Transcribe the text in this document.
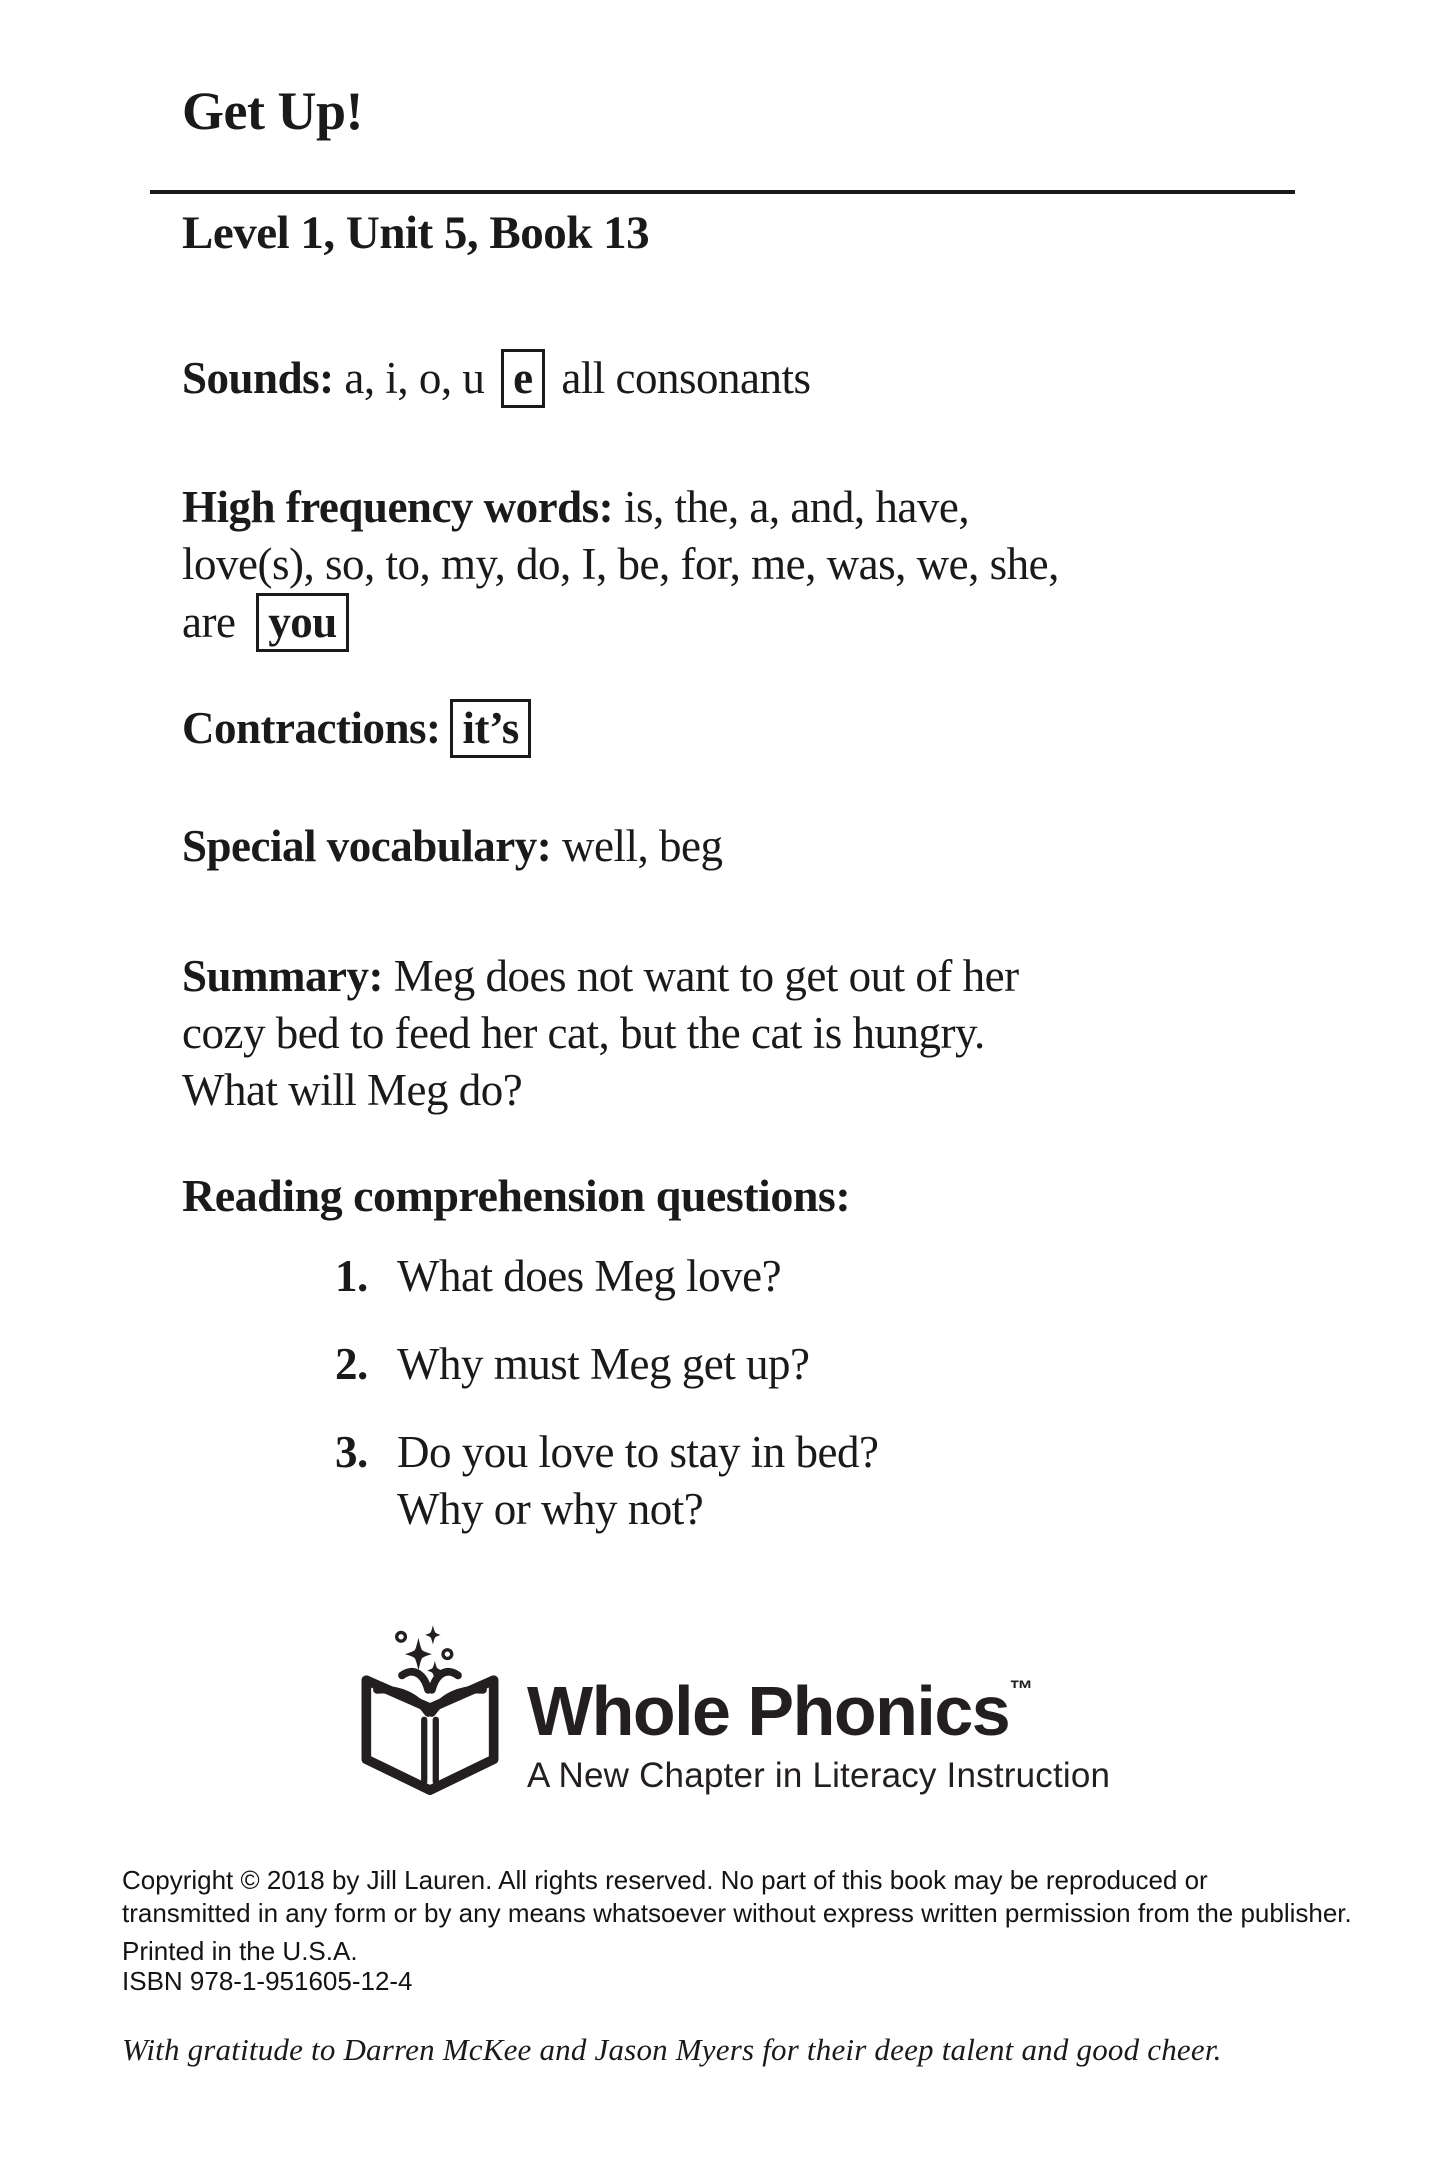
Get Up!
Level 1, Unit 5, Book 13
Sounds: a, i, o, u e all consonants
High frequency words: is, the, a, and, have,
love(s), so, to, my, do, I, be, for, me, was, we, she,
are you
Contractions: it’s
Special vocabulary: well, beg
Summary: Meg does not want to get out of her
cozy bed to feed her cat, but the cat is hungry.
What will Meg do?
Reading comprehension questions:
1. What does Meg love?
2. Why must Meg get up?
3. Do you love to stay in bed?
Why or why not?
Whole Phonics™
A New Chapter in Literacy Instruction
Copyright © 2018 by Jill Lauren. All rights reserved. No part of this book may be reproduced or
transmitted in any form or by any means whatsoever without express written permission from the publisher.
Printed in the U.S.A.
ISBN 978-1-951605-12-4
With gratitude to Darren McKee and Jason Myers for their deep talent and good cheer.
